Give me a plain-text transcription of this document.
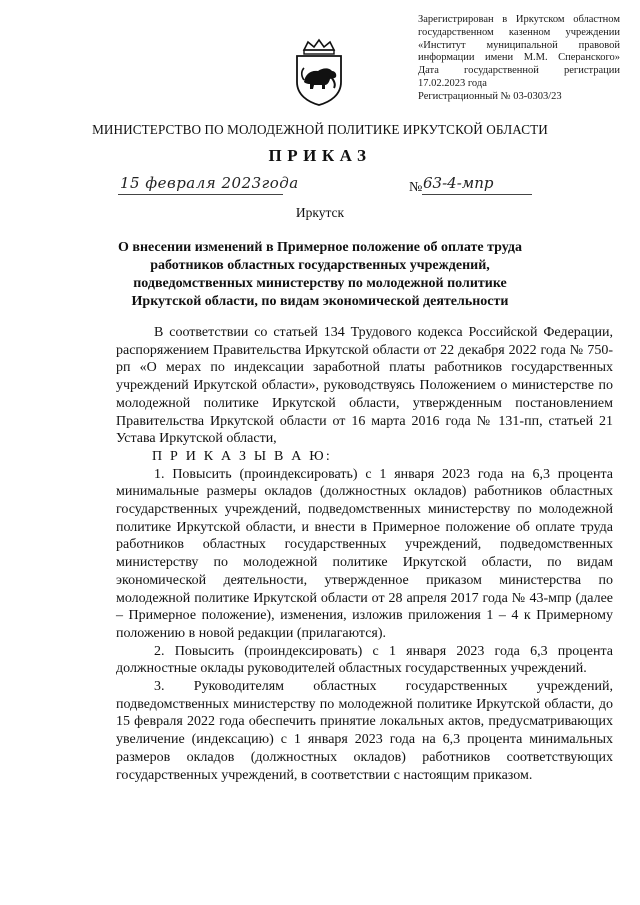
Зарегистрирован в Иркутском областном
государственном казенном учреждении
«Институт муниципальной правовой
информации имени М.М. Сперанского»
Дата государственной регистрации
17.02.2023 года
Регистрационный № 03-0303/23
МИНИСТЕРСТВО ПО МОЛОДЕЖНОЙ ПОЛИТИКЕ ИРКУТСКОЙ ОБЛАСТИ
ПРИКАЗ
15 февраля 2023года	№ 63-4-мпр
Иркутск
О внесении изменений в Примерное положение об оплате труда работников областных государственных учреждений, подведомственных министерству по молодежной политике Иркутской области, по видам экономической деятельности

В соответствии со статьей 134 Трудового кодекса Российской Федерации, распоряжением Правительства Иркутской области от 22 декабря 2022 года № 750-рп «О мерах по индексации заработной платы работников государственных учреждений Иркутской области», руководствуясь Положением о министерстве по молодежной политике Иркутской области, утвержденным постановлением Правительства Иркутской области от 16 марта 2016 года № 131-пп, статьей 21 Устава Иркутской области,

П Р И К А З Ы В А Ю:

1. Повысить (проиндексировать) с 1 января 2023 года на 6,3 процента минимальные размеры окладов (должностных окладов) работников областных государственных учреждений, подведомственных министерству по молодежной политике Иркутской области, и внести в Примерное положение об оплате труда работников областных государственных учреждений, подведомственных министерству по молодежной политике Иркутской области, по видам экономической деятельности, утвержденное приказом министерства по молодежной политике Иркутской области от 28 апреля 2017 года № 43-мпр (далее – Примерное положение), изменения, изложив приложения 1 – 4 к Примерному положению в новой редакции (прилагаются).

2. Повысить (проиндексировать) с 1 января 2023 года 6,3 процента должностные оклады руководителей областных государственных учреждений.

3. Руководителям областных государственных учреждений, подведомственных министерству по молодежной политике Иркутской области, до 15 февраля 2022 года обеспечить принятие локальных актов, предусматривающих увеличение (индексацию) с 1 января 2023 года на 6,3 процента минимальных размеров окладов (должностных окладов) работников соответствующих государственных учреждений, в соответствии с настоящим приказом.
